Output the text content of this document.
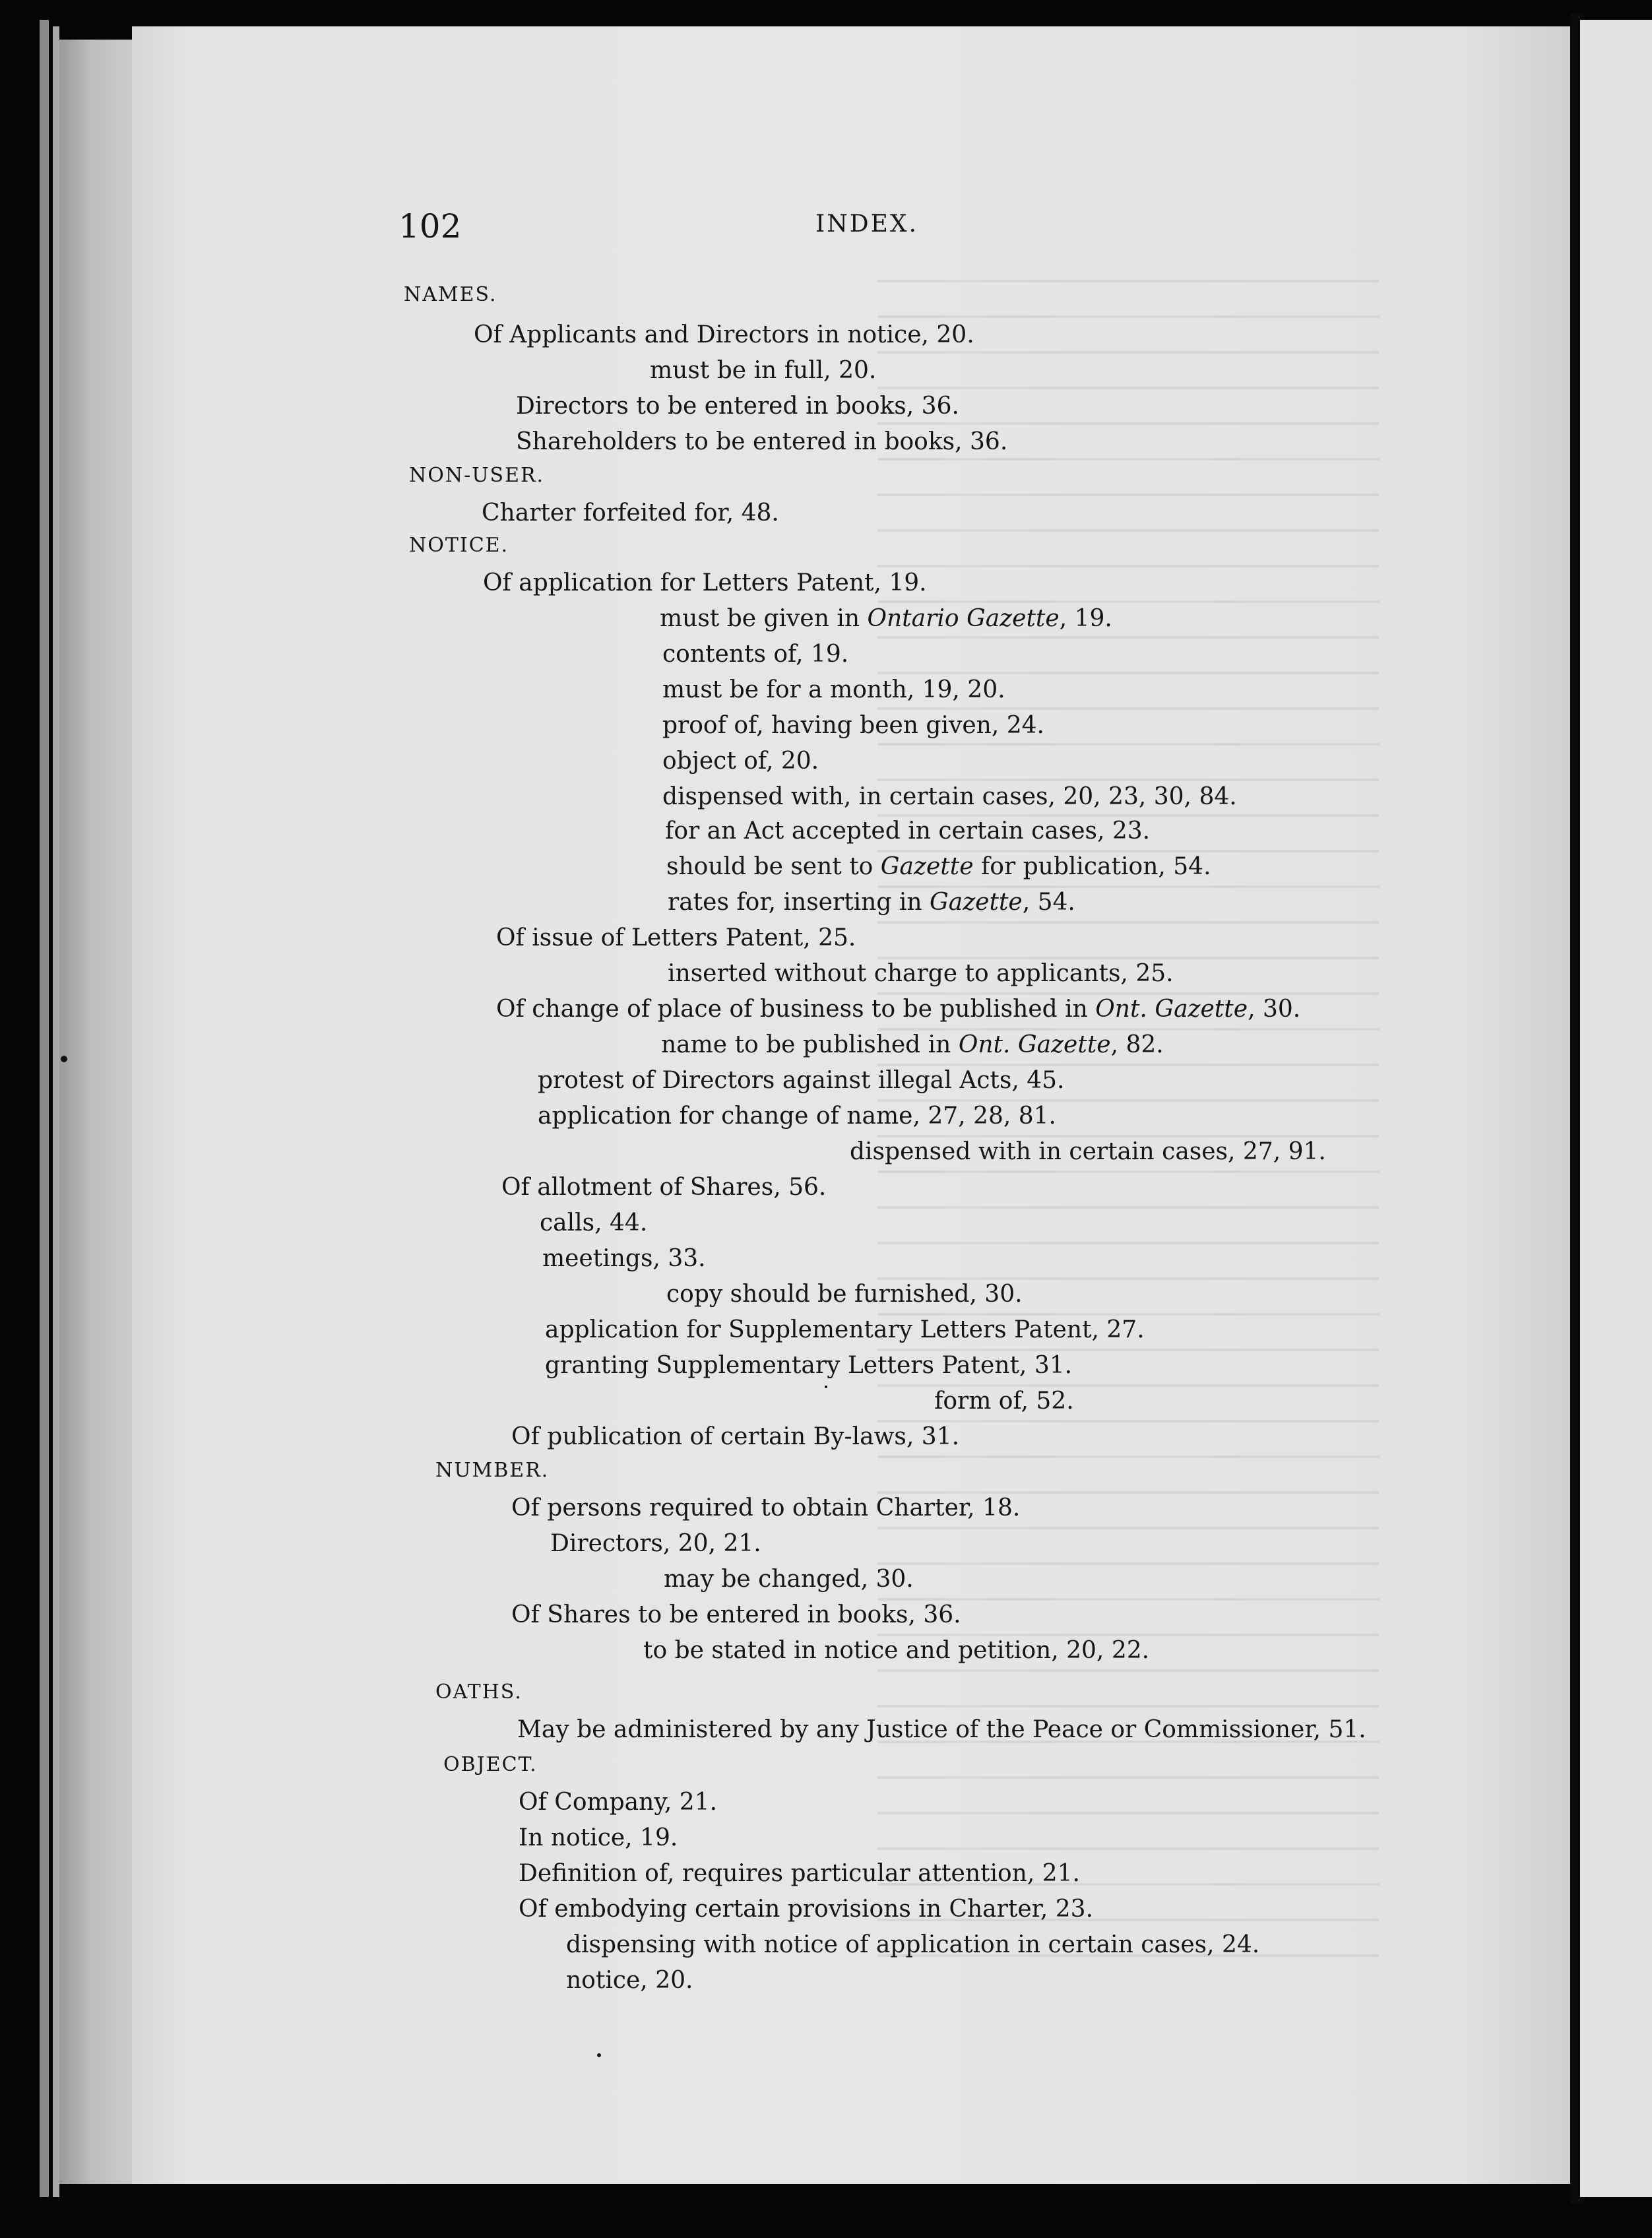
102	INDEX.
NAMES.
Of Applicants and Directors in notice, 20.
must be in full, 20.
Directors to be entered in books, 36.
Shareholders to be entered in books, 36.
NON-USER.
Charter forfeited for, 48.
NOTICE.
Of application for Letters Patent, 19.
must be given in Ontario Gazette, 19.
contents of, 19.
must be for a month, 19, 20.
proof of, having been given, 24.
object of, 20.
dispensed with, in certain cases, 20, 23, 30, 84.
for an Act accepted in certain cases, 23.
should be sent to Gazette for publication, 54.
rates for, inserting in Gazette, 54.
Of issue of Letters Patent, 25.
inserted without charge to applicants, 25.
Of change of place of business to be published in Ont. Gazette, 30.
name to be published in Ont. Gazette, 82.
protest of Directors against illegal Acts, 45.
application for change of name, 27, 28, 81.
dispensed with in certain cases, 27, 91.
Of allotment of Shares, 56.
calls, 44.
meetings, 33.
copy should be furnished, 30.
application for Supplementary Letters Patent, 27.
granting Supplementary Letters Patent, 31.
form of, 52.
Of publication of certain By-laws, 31.
NUMBER.
Of persons required to obtain Charter, 18.
Directors, 20, 21.
may be changed, 30.
Of Shares to be entered in books, 36.
to be stated in notice and petition, 20, 22.
OATHS.
May be administered by any Justice of the Peace or Commissioner, 51.
OBJECT.
Of Company, 21.
In notice, 19.
Definition of, requires particular attention, 21.
Of embodying certain provisions in Charter, 23.
dispensing with notice of application in certain cases, 24.
notice, 20.
